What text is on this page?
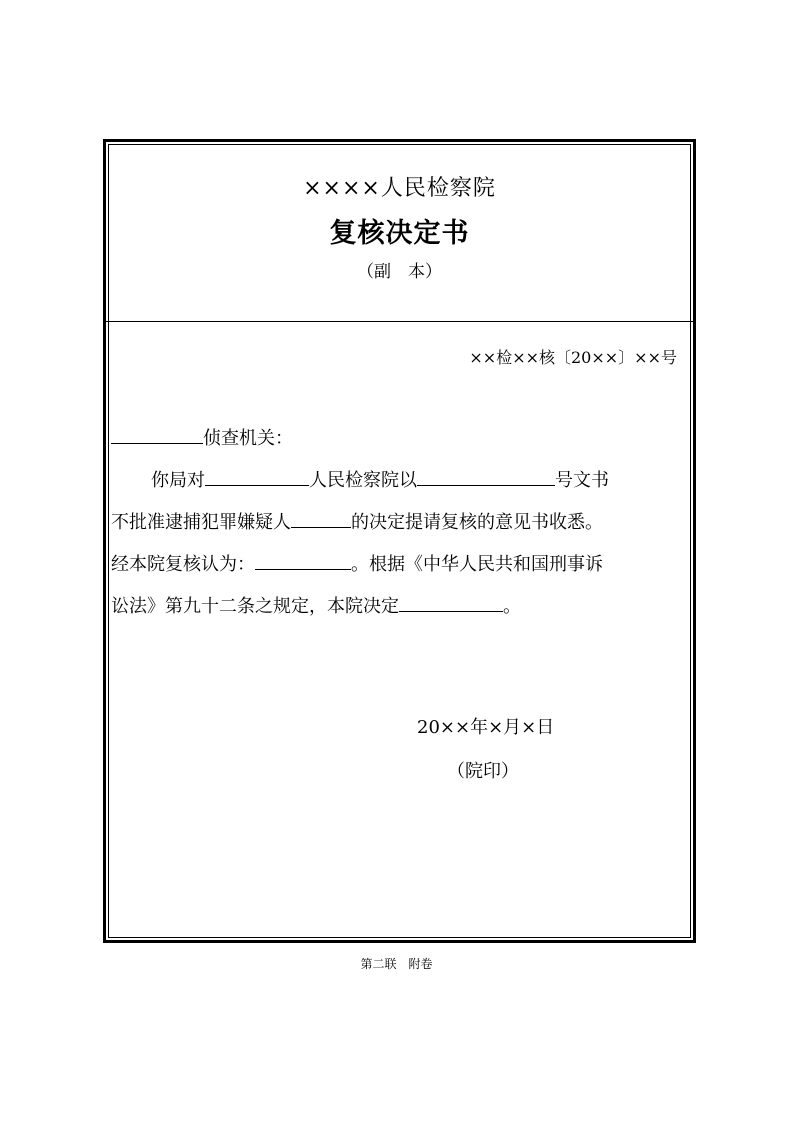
××××人民检察院
复核决定书
（副　本）
××检××核〔20××〕××号
侦查机关：
你局对	人民检察院以	号文书
不批准逮捕犯罪嫌疑人	的决定提请复核的意见书收悉。
经本院复核认为：	。根据《中华人民共和国刑事诉
讼法》第九十二条之规定，本院决定	。
20××年×月×日
（院印）
第二联　附卷
